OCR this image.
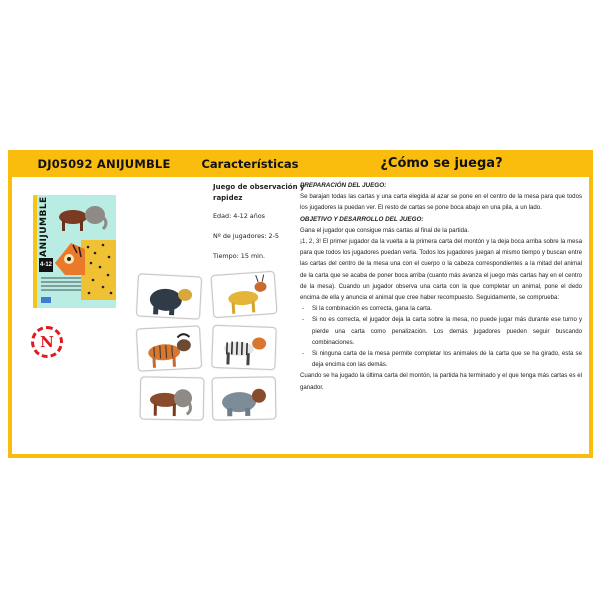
DJ05092 ANIJUMBLE	Características	¿Cómo se juega?
ANIJUMBLE
4-12
N
Juego de observación y rapidez
Edad: 4-12 años
Nº de jugadores: 2-5
Tiempo: 15 min.

PREPARACIÓN DEL JUEGO:

Se barajan todas las cartas y una carta elegida al azar se pone en el centro de la mesa para que todos los jugadores la puedan ver. El resto de cartas se pone boca abajo en una pila, a un lado.

OBJETIVO Y DESARROLLO DEL JUEGO:

Gana el jugador que consigue más cartas al final de la partida.

¡1, 2, 3! El primer jugador da la vuelta a la primera carta del montón y la deja boca arriba sobre la mesa para que todos los jugadores puedan verla. Todos los jugadores juegan al mismo tiempo y buscan entre las cartas del centro de la mesa una con el cuerpo o la cabeza correspondientes a la mitad del animal de la carta que se acaba de poner boca arriba (cuanto más avanza el juego más cartas hay en el centro de la mesa). Cuando un jugador observa una carta con la que completar un animal, pone el dedo encima de ella y anuncia el animal que cree haber recompuesto. Seguidamente, se comprueba:

-	Si la combinación es correcta, gana la carta.
-	Si no es correcta, el jugador deja la carta sobre la mesa, no puede jugar más durante ese turno y pierde una carta como penalización. Los demás jugadores pueden seguir buscando combinaciones.
-	Si ninguna carta de la mesa permite completar los animales de la carta que se ha girado, esta se deja encima con las demás.

Cuando se ha jugado la última carta del montón, la partida ha terminado y el que tenga más cartas es el ganador.
